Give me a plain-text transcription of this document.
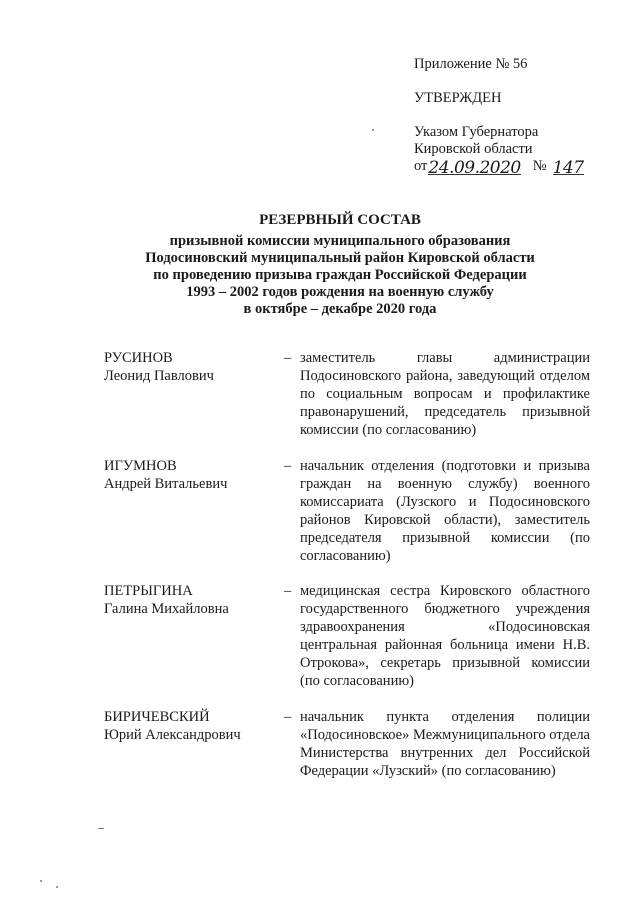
Приложение № 56
УТВЕРЖДЕН
Указом Губернатора
Кировской области
от 24.09.2020 № 147
РЕЗЕРВНЫЙ СОСТАВ
призывной комиссии муниципального образования
Подосиновский муниципальный район Кировской области
по проведению призыва граждан Российской Федерации
1993 – 2002 годов рождения на военную службу
в октябре – декабре 2020 года
РУСИНОВ
Леонид Павлович
– заместитель главы администрации Подосиновского района, заведующий отделом по социальным вопросам и профилактике правонарушений, председатель призывной комиссии (по согласованию)
ИГУМНОВ
Андрей Витальевич
– начальник отделения (подготовки и призыва граждан на военную службу) военного комиссариата (Лузского и Подосиновского районов Кировской области), заместитель председателя призывной комиссии (по согласованию)
ПЕТРЫГИНА
Галина Михайловна
– медицинская сестра Кировского областного государственного бюджетного учреждения здравоохранения «Подосиновская центральная районная больница имени Н.В. Отрокова», секретарь призывной комиссии (по согласованию)
БИРИЧЕВСКИЙ
Юрий Александрович
– начальник пункта отделения полиции «Подосиновское» Межмуниципального отдела Министерства внутренних дел Российской Федерации «Лузский» (по согласованию)
